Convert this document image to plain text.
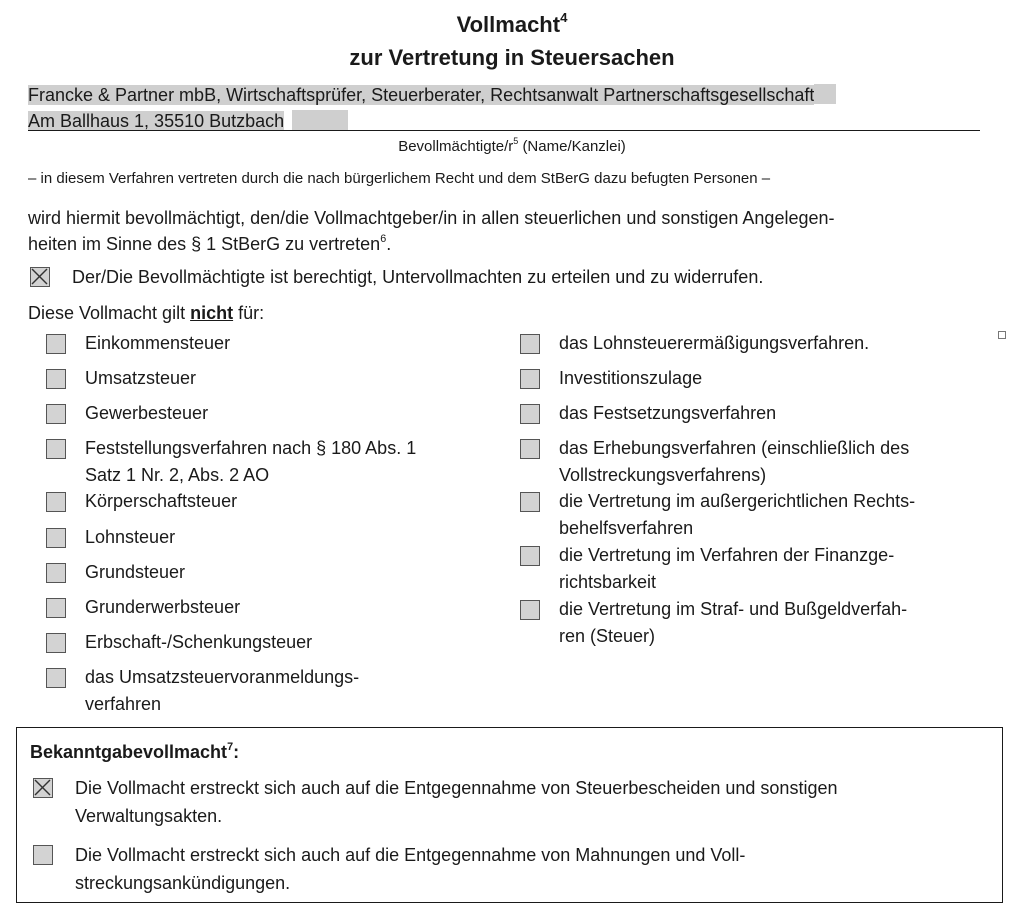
Vollmacht$^4$
zur Vertretung in Steuersachen
Francke & Partner mbB, Wirtschaftsprüfer, Steuerberater, Rechtsanwalt Partnerschaftsgesellschaft
Am Ballhaus 1, 35510 Butzbach
Bevollmächtigte/$r^5$ (Name/Kanzlei)
– in diesem Verfahren vertreten durch die nach bürgerlichem Recht und dem StBerG dazu befugten Personen –
wird hiermit bevollmächtigt, den/die Vollmachtgeber/in in allen steuerlichen und sonstigen Angelegen-
heiten im Sinne des § 1 StBerG zu vertreten$^6$.
Der/Die Bevollmächtigte ist berechtigt, Untervollmachten zu erteilen und zu widerrufen.
Diese Vollmacht gilt nicht für:
Einkommensteuer
Umsatzsteuer
Gewerbesteuer
Feststellungsverfahren nach § 180 Abs. 1
Satz 1 Nr. 2, Abs. 2 AO
Körperschaftsteuer
Lohnsteuer
Grundsteuer
Grunderwerbsteuer
Erbschaft-/Schenkungsteuer
das Umsatzsteuervoranmeldungs-
verfahren
das Lohnsteuerermäßigungsverfahren.
Investitionszulage
das Festsetzungsverfahren
das Erhebungsverfahren (einschließlich des
Vollstreckungsverfahrens)
die Vertretung im außergerichtlichen Rechts-
behelfsverfahren
die Vertretung im Verfahren der Finanzge-
richtsbarkeit
die Vertretung im Straf- und Bußgeldverfah-
ren (Steuer)
Bekanntgabevollmacht$^7$:
Die Vollmacht erstreckt sich auch auf die Entgegennahme von Steuerbescheiden und sonstigen
Verwaltungsakten.
Die Vollmacht erstreckt sich auch auf die Entgegennahme von Mahnungen und Voll-
streckungsankündigungen.
